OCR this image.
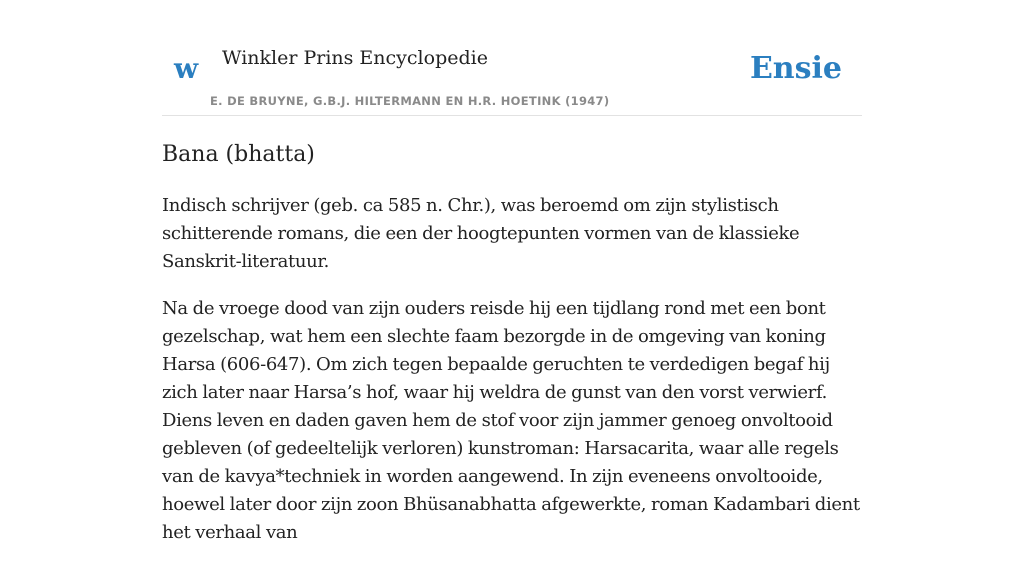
w Winkler Prins Encyclopedie
E. DE BRUYNE, G.B.J. HILTERMANN EN H.R. HOETINK (1947)
Ensie
Bana (bhatta)

Indisch schrijver (geb. ca 585 n. Chr.), was beroemd om zijn stylistisch schitterende romans, die een der hoogtepunten vormen van de klassieke Sanskrit-literatuur.

Na de vroege dood van zijn ouders reisde hij een tijdlang rond met een bont gezelschap, wat hem een slechte faam bezorgde in de omgeving van koning Harsa (606-647). Om zich tegen bepaalde geruchten te verdedigen begaf hij zich later naar Harsa’s hof, waar hij weldra de gunst van den vorst verwierf. Diens leven en daden gaven hem de stof voor zijn jammer genoeg onvoltooid gebleven (of gedeeltelijk verloren) kunstroman: Harsacarita, waar alle regels van de kavya*techniek in worden aangewend. In zijn eveneens onvoltooide, hoewel later door zijn zoon Bhüsanabhatta afgewerkte, roman Kadambari dient het verhaal van
